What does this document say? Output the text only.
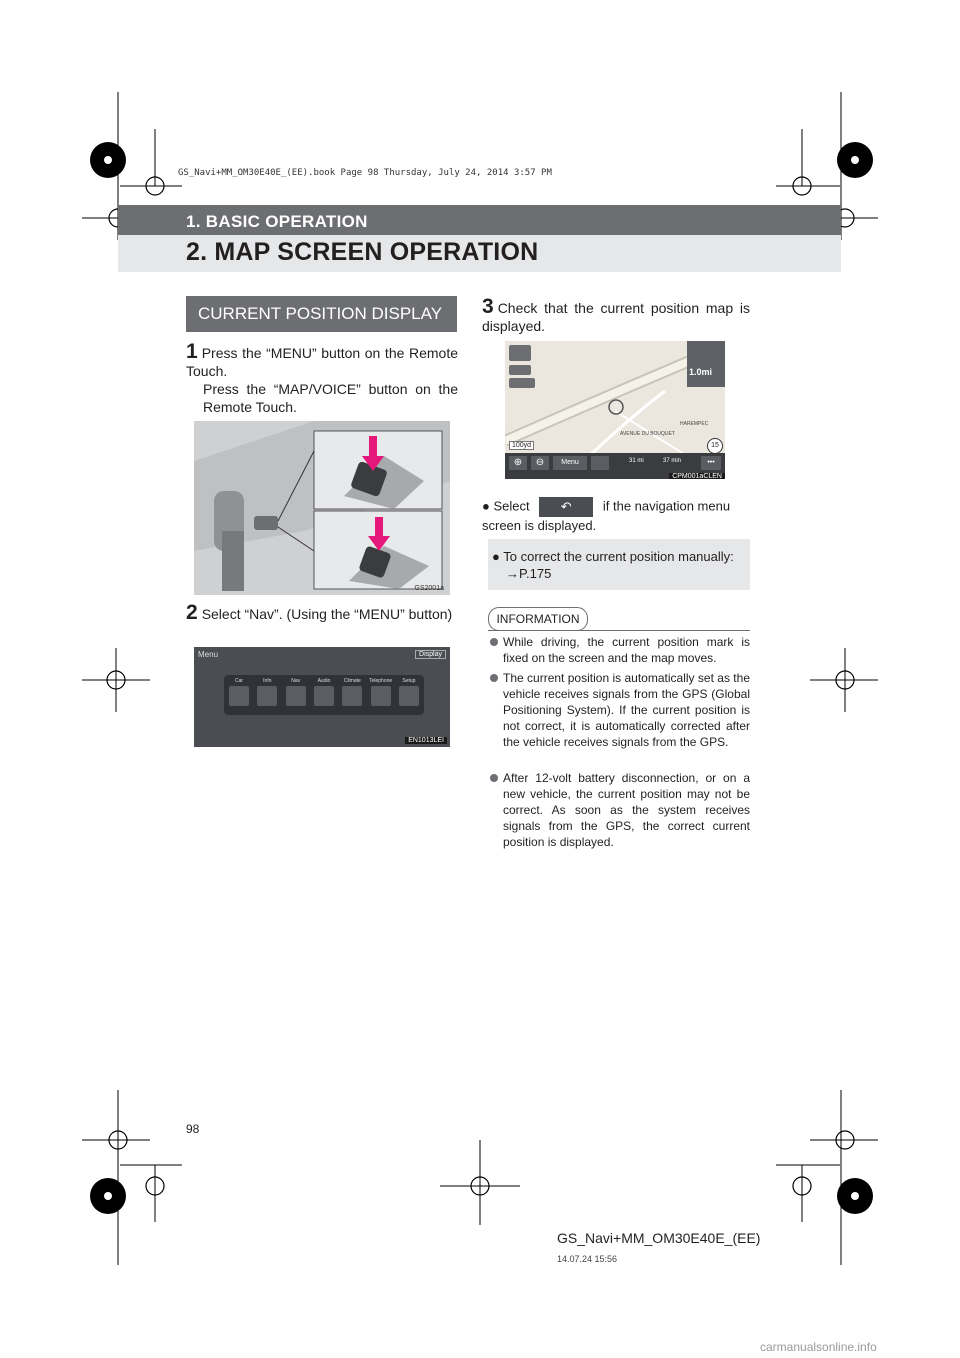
GS_Navi+MM_OM30E40E_(EE).book Page 98 Thursday, July 24, 2014 3:57 PM
1. BASIC OPERATION
2. MAP SCREEN OPERATION
CURRENT POSITION DISPLAY
1 Press the “MENU” button on the Remote Touch.
Press the “MAP/VOICE” button on the Remote Touch.
GS2001a
2 Select “Nav”. (Using the “MENU” button)
Menu	Display
Car	Info	Nav	Audio	Climate	Telephone	Setup
EN1013LEI
3 Check that the current position map is displayed.
1.0mi
100yd
AVENUE DU BOUQUET
HAREMPEC
15
⊕	⊖	Menu	31 mi	37 min	•••
CPM001aCLEN
● Select ↶ if the navigation menu screen is displayed.
● To correct the current position manually:
→P.175
INFORMATION
While driving, the current position mark is fixed on the screen and the map moves.
The current position is automatically set as the vehicle receives signals from the GPS (Global Positioning System). If the current position is not correct, it is automatically corrected after the vehicle receives signals from the GPS.
After 12-volt battery disconnection, or on a new vehicle, the current position may not be correct. As soon as the system receives signals from the GPS, the correct current position is displayed.
98
GS_Navi+MM_OM30E40E_(EE)
14.07.24 15:56
carmanualsonline.info
